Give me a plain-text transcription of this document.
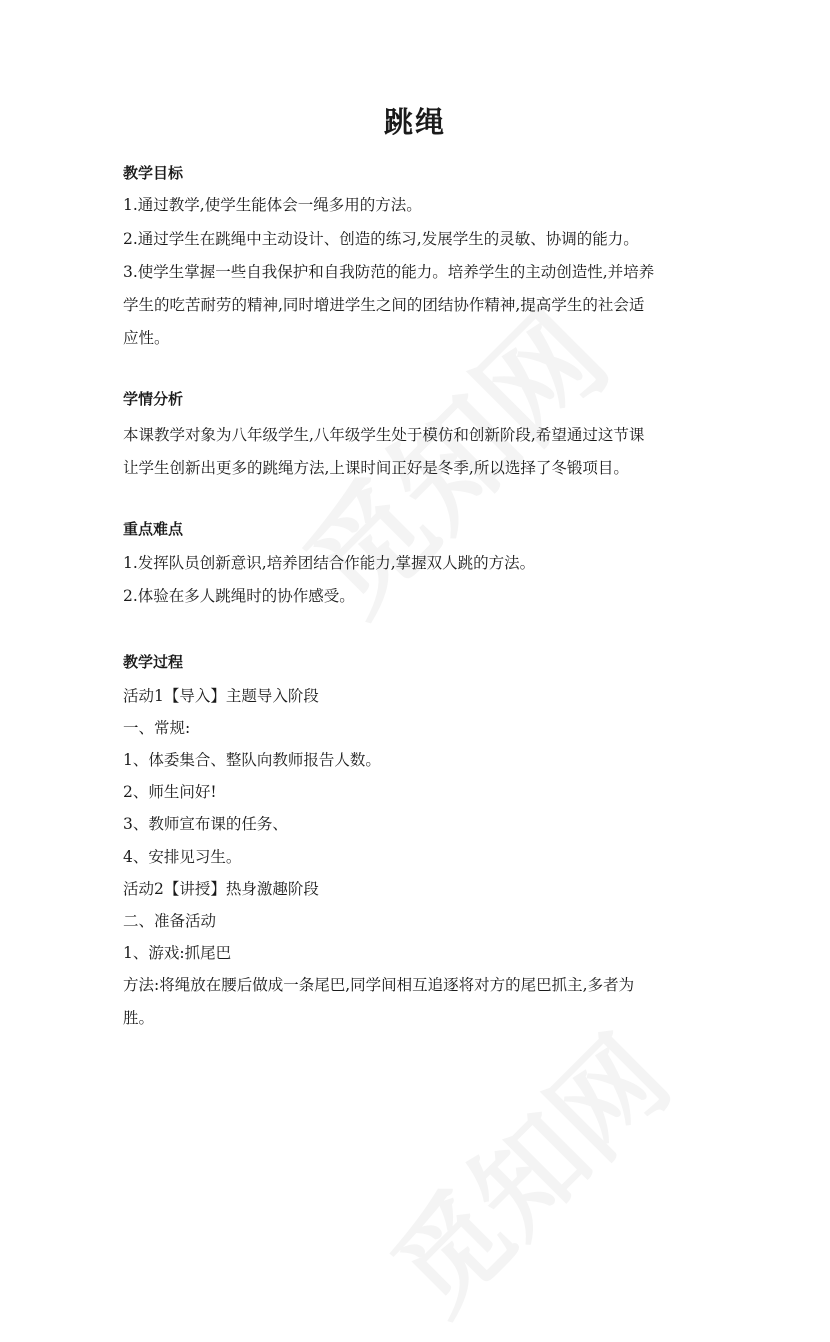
跳绳
教学目标
1.通过教学,使学生能体会一绳多用的方法。
2.通过学生在跳绳中主动设计、创造的练习,发展学生的灵敏、协调的能力。
3.使学生掌握一些自我保护和自我防范的能力。培养学生的主动创造性,并培养
学生的吃苦耐劳的精神,同时增进学生之间的团结协作精神,提高学生的社会适
应性。
学情分析
本课教学对象为八年级学生,八年级学生处于模仿和创新阶段,希望通过这节课
让学生创新出更多的跳绳方法,上课时间正好是冬季,所以选择了冬锻项目。
重点难点
1.发挥队员创新意识,培养团结合作能力,掌握双人跳的方法。
2.体验在多人跳绳时的协作感受。
教学过程
活动1【导入】主题导入阶段
一、常规:
1、体委集合、整队向教师报告人数。
2、师生问好!
3、教师宣布课的任务、
4、安排见习生。
活动2【讲授】热身激趣阶段
二、准备活动
1、游戏:抓尾巴
方法:将绳放在腰后做成一条尾巴,同学间相互追逐将对方的尾巴抓主,多者为
胜。
